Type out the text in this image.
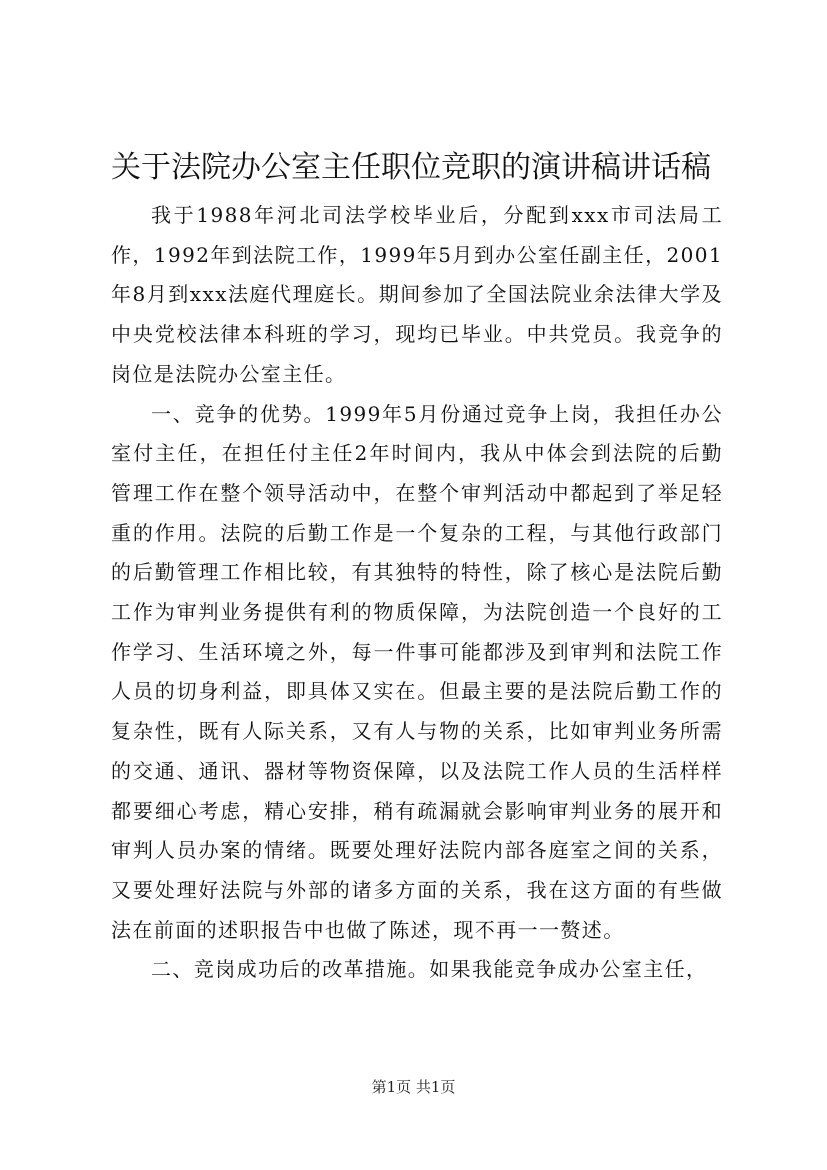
关于法院办公室主任职位竞职的演讲稿讲话稿

我于1988年河北司法学校毕业后，分配到xxx市司法局工作，1992年到法院工作，1999年5月到办公室任副主任，2001年8月到xxx法庭代理庭长。期间参加了全国法院业余法律大学及中央党校法律本科班的学习，现均已毕业。中共党员。我竞争的岗位是法院办公室主任。

一、竞争的优势。1999年5月份通过竞争上岗，我担任办公室付主任，在担任付主任2年时间内，我从中体会到法院的后勤管理工作在整个领导活动中，在整个审判活动中都起到了举足轻重的作用。法院的后勤工作是一个复杂的工程，与其他行政部门的后勤管理工作相比较，有其独特的特性，除了核心是法院后勤工作为审判业务提供有利的物质保障，为法院创造一个良好的工作学习、生活环境之外，每一件事可能都涉及到审判和法院工作人员的切身利益，即具体又实在。但最主要的是法院后勤工作的复杂性，既有人际关系，又有人与物的关系，比如审判业务所需的交通、通讯、器材等物资保障，以及法院工作人员的生活样样都要细心考虑，精心安排，稍有疏漏就会影响审判业务的展开和审判人员办案的情绪。既要处理好法院内部各庭室之间的关系，又要处理好法院与外部的诸多方面的关系，我在这方面的有些做法在前面的述职报告中也做了陈述，现不再一一赘述。

二、竞岗成功后的改革措施。如果我能竞争成办公室主任，

第1页 共1页
